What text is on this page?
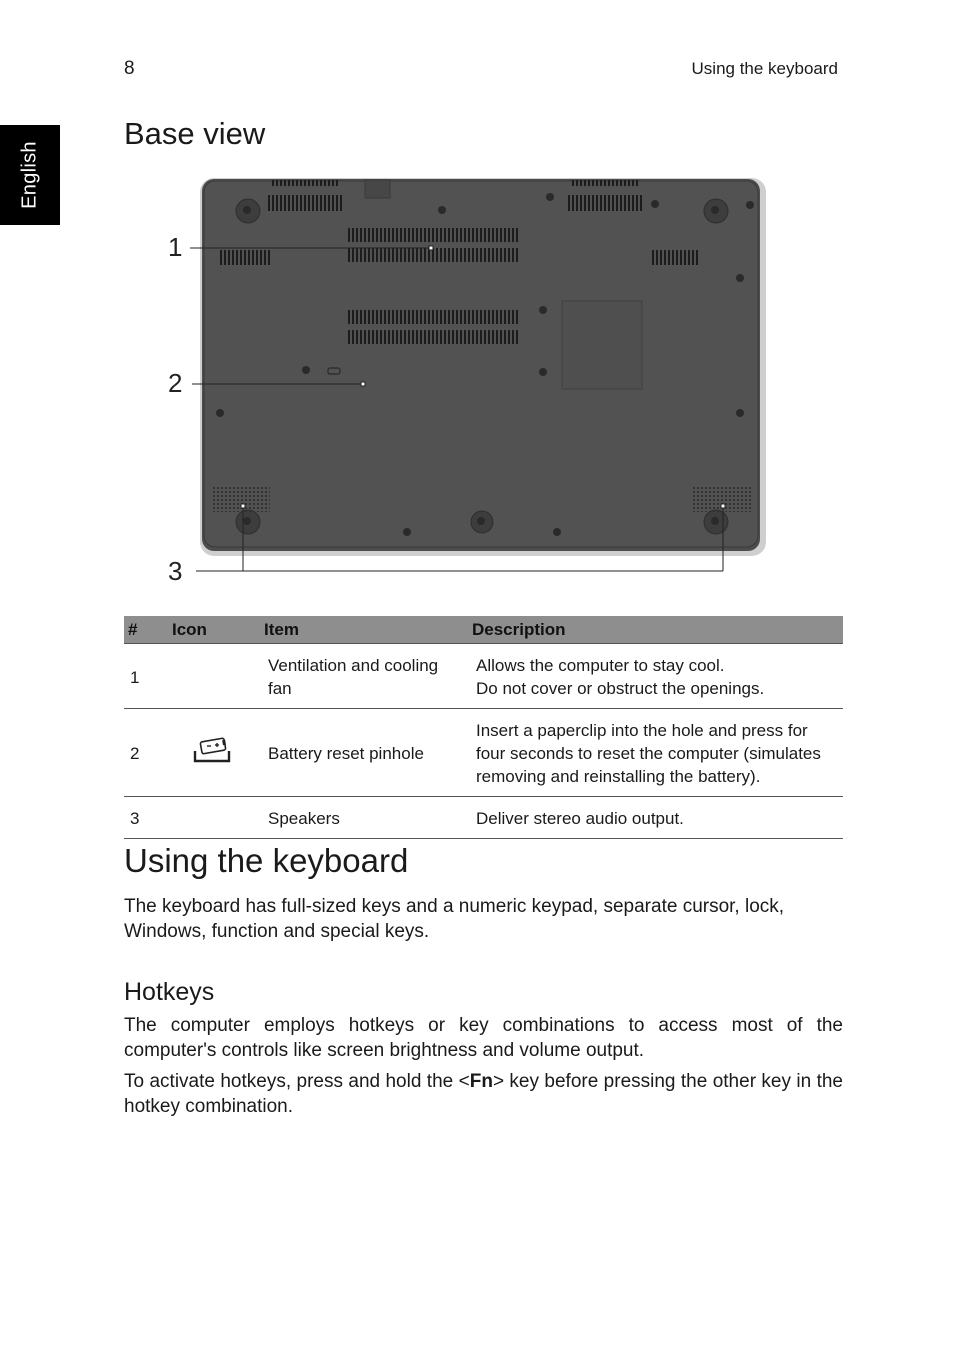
8	Using the keyboard
English
Base view
1
2
3
#	Icon	Item	Description
1		Ventilation and cooling fan	Allows the computer to stay cool.
Do not cover or obstruct the openings.

2		Battery reset pinhole	Insert a paperclip into the hole and press for four seconds to reset the computer (simulates removing and reinstalling the battery).
3		Speakers	Deliver stereo audio output.
Using the keyboard

The keyboard has full-sized keys and a numeric keypad, separate cursor, lock, Windows, function and special keys.

Hotkeys

The computer employs hotkeys or key combinations to access most of the computer's controls like screen brightness and volume output.

To activate hotkeys, press and hold the <Fn> key before pressing the other key in the hotkey combination.
